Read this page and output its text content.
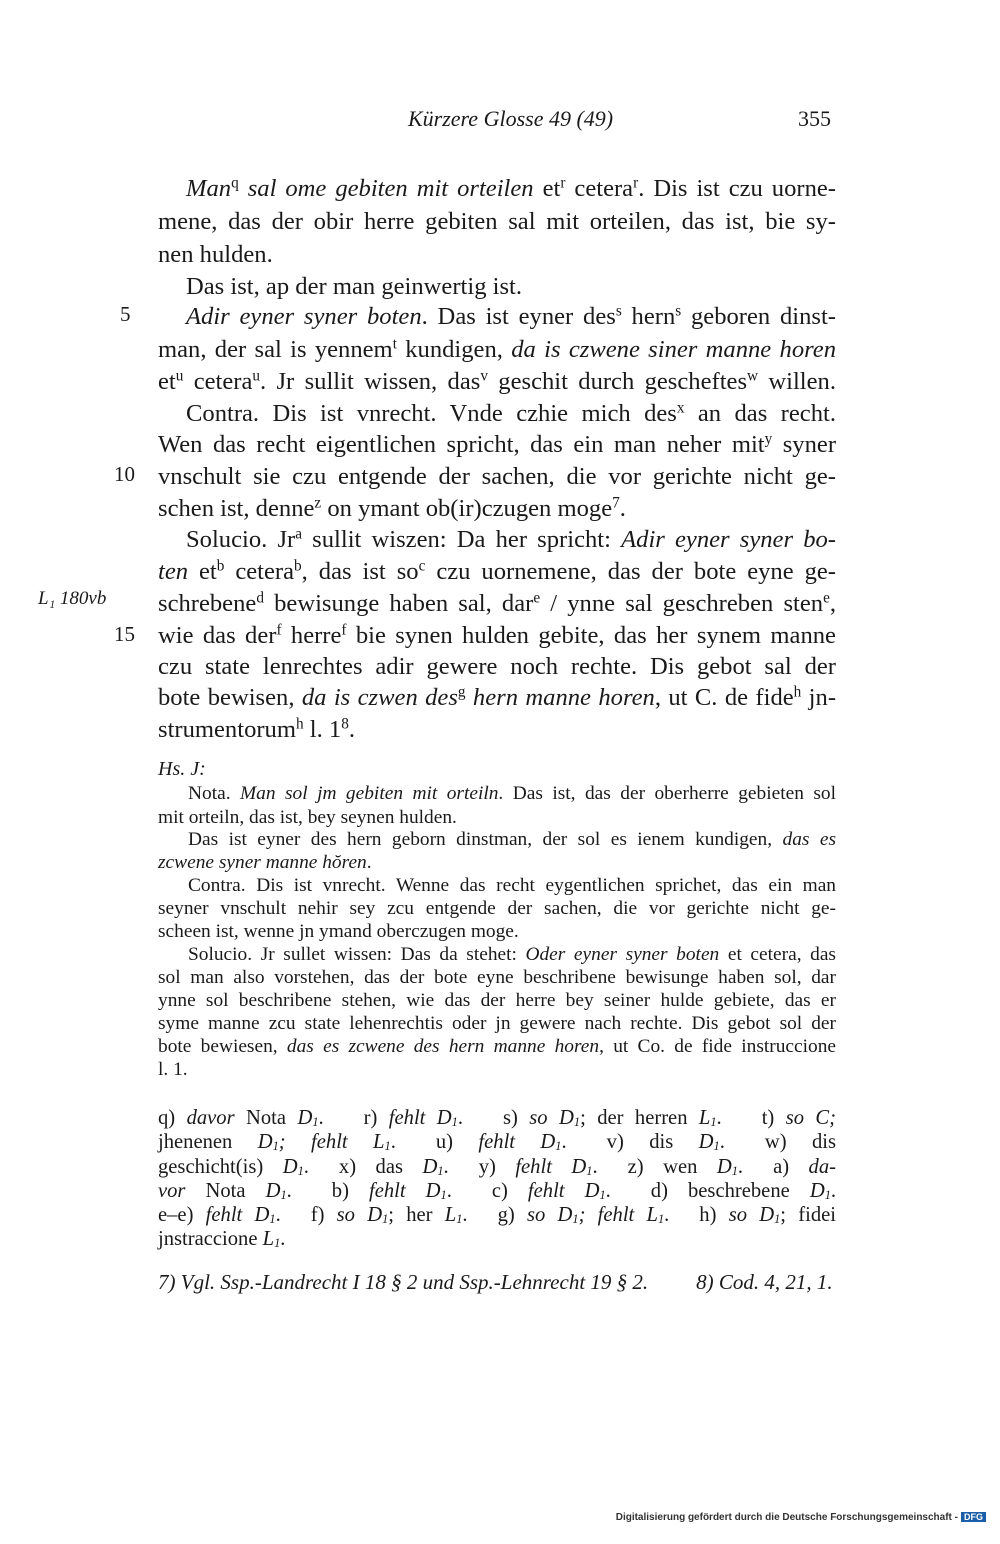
Kürzere Glosse 49 (49)	355
5
10
15
L₁ 180vb
Man$^q$ sal ome gebiten mit orteilen $et^r$ cetera$^r$. Dis ist czu uorne-
mene, das der obir herre gebiten sal mit orteilen, das ist, bie sy-
nen hulden.
Das ist, ap der man geinwertig ist.
Adir eyner syner boten. Das ist eyner des$^s$ hern$^s$ geboren dinst-
man, der sal is yennem$^t$ kundigen, da is czwene siner manne horen
$et^u$ cetera$^u$. Jr sullit wissen, das$^v$ geschit durch gescheftes$^w$ willen.
Contra. Dis ist vnrecht. Vnde czhie mich des$^x$ an das recht.
Wen das recht eigentlichen spricht, das ein man neher mit$^y$ syner
vnschult sie czu entgende der sachen, die vor gerichte nicht ge-
schen ist, denne$^z$ on ymant ob(ir)czugen moge$^7$.
Solucio. Jr$^a$ sullit wiszen: Da her spricht: Adir eyner syner bo-
ten $et^b$ cetera$^b$, das ist $so^c$ czu uornemene, das der bote eyne ge-
schrebene$^d$ bewisunge haben sal, dar$^e$ / ynne sal geschreben sten$^e$,
wie das der$^f$ herre$^f$ bie synen hulden gebite, das her synem manne
czu state lenrechtes adir gewere noch rechte. Dis gebot sal der
bote bewisen, da is czwen des$^g$ hern manne horen, ut C. de fide$^h$ jn-
strumentorum$^h$ l. $1^8$.
Hs. J:
Nota. Man sol jm gebiten mit orteiln. Das ist, das der oberherre gebieten sol
mit orteiln, das ist, bey seynen hulden.
Das ist eyner des hern geborn dinstman, der sol es ienem kundigen, das es
zcwene syner manne hŏren.
Contra. Dis ist vnrecht. Wenne das recht eygentlichen sprichet, das ein man
seyner vnschult nehir sey zcu entgende der sachen, die vor gerichte nicht ge-
scheen ist, wenne jn ymand oberczugen moge.
Solucio. Jr sullet wissen: Das da stehet: Oder eyner syner boten et cetera, das
sol man also vorstehen, das der bote eyne beschribene bewisunge haben sol, dar
ynne sol beschribene stehen, wie das der herre bey seiner hulde gebiete, das er
syme manne zcu state lehenrechtis oder jn gewere nach rechte. Dis gebot sol der
bote bewiesen, das es zcwene des hern manne horen, ut Co. de fide instruccione
l. 1.
q) davor Nota $D_1$. r) fehlt $D_1$. s) so $D_1$; der herren $L_1$. t) so C;
jhenenen $D_1$; fehlt $L_1$. u) fehlt $D_1$. v) dis $D_1$. w) dis
geschicht(is) $D_1$. x) das $D_1$. y) fehlt $D_1$. z) wen $D_1$. a) da-
vor Nota $D_1$. b) fehlt $D_1$. c) fehlt $D_1$. d) beschrebene $D_1$.
e–e) fehlt $D_1$. f) so $D_1$; her $L_1$. g) so $D_1$; fehlt $L_1$. h) so $D_1$; fidei
jnstraccione $L_1$.
7) Vgl. Ssp.-Landrecht I 18 § 2 und Ssp.-Lehnrecht 19 § 2. 8) Cod. 4, 21, 1.
Digitalisierung gefördert durch die Deutsche Forschungsgemeinschaft - DFG
